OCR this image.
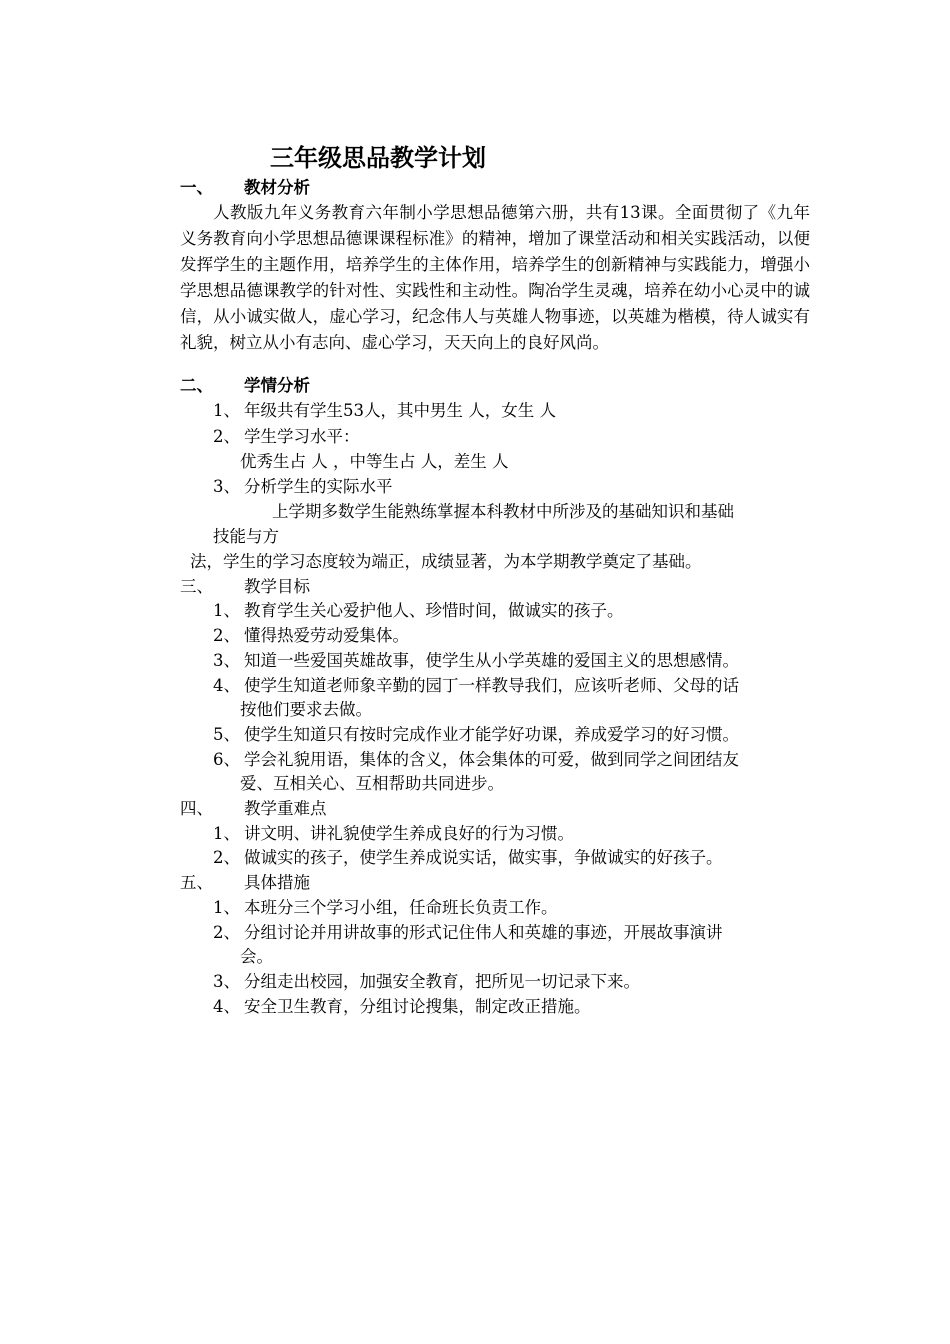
三年级思品教学计划
一、 教材分析
人教版九年义务教育六年制小学思想品德第六册，共有13课。全面贯彻了《九年义务教育向小学思想品德课课程标准》的精神，增加了课堂活动和相关实践活动，以便发挥学生的主题作用，培养学生的主体作用，培养学生的创新精神与实践能力，增强小学思想品德课教学的针对性、实践性和主动性。陶冶学生灵魂，培养在幼小心灵中的诚信，从小诚实做人，虚心学习，纪念伟人与英雄人物事迹，以英雄为楷模，待人诚实有礼貌，树立从小有志向、虚心学习，天天向上的良好风尚。
二、 学情分析
1、 年级共有学生53人，其中男生 人，女生 人
2、 学生学习水平：
优秀生占 人 ，中等生占 人，差生 人
3、 分析学生的实际水平
上学期多数学生能熟练掌握本科教材中所涉及的基础知识和基础
技能与方
法，学生的学习态度较为端正，成绩显著，为本学期教学奠定了基础。
三、 教学目标
1、 教育学生关心爱护他人、珍惜时间，做诚实的孩子。
2、 懂得热爱劳动爱集体。
3、 知道一些爱国英雄故事，使学生从小学英雄的爱国主义的思想感情。
4、 使学生知道老师象辛勤的园丁一样教导我们，应该听老师、父母的话
按他们要求去做。
5、 使学生知道只有按时完成作业才能学好功课，养成爱学习的好习惯。
6、 学会礼貌用语，集体的含义，体会集体的可爱，做到同学之间团结友
爱、互相关心、互相帮助共同进步。
四、 教学重难点
1、 讲文明、讲礼貌使学生养成良好的行为习惯。
2、 做诚实的孩子，使学生养成说实话，做实事，争做诚实的好孩子。
五、 具体措施
1、 本班分三个学习小组，任命班长负责工作。
2、 分组讨论并用讲故事的形式记住伟人和英雄的事迹，开展故事演讲
会。
3、 分组走出校园，加强安全教育，把所见一切记录下来。
4、 安全卫生教育，分组讨论搜集，制定改正措施。
